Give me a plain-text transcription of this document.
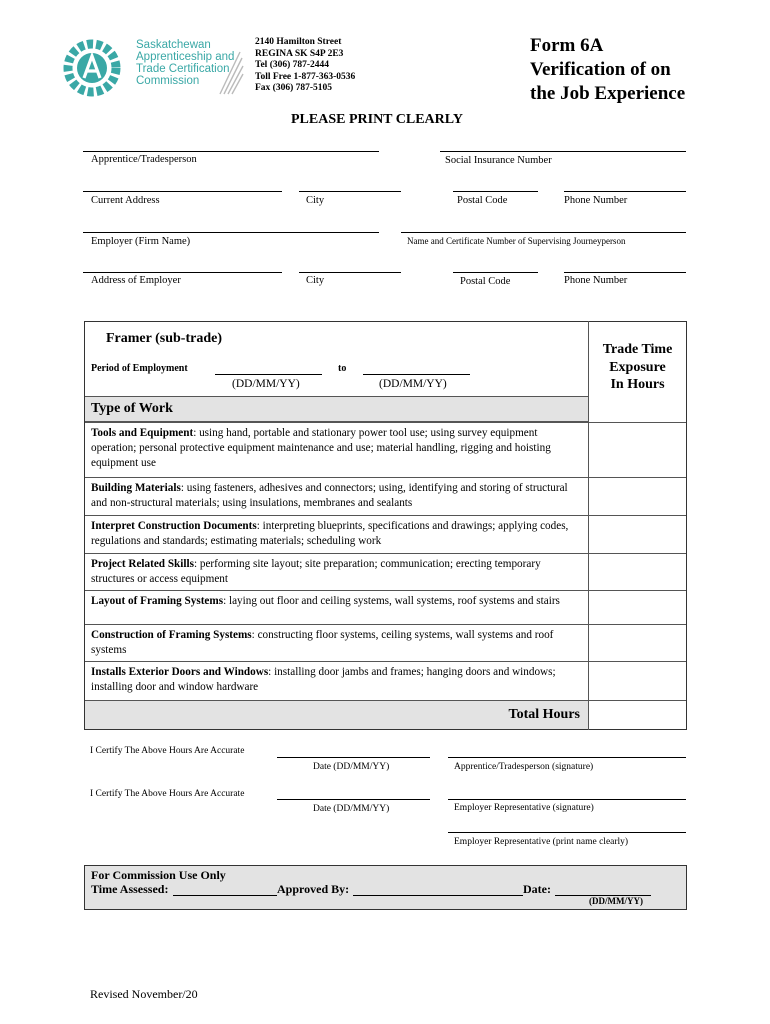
Saskatchewan
Apprenticeship and
Trade Certification
Commission
2140 Hamilton Street
REGINA SK S4P 2E3
Tel (306) 787-2444
Toll Free 1-877-363-0536
Fax (306) 787-5105
Form 6A
Verification of on
the Job Experience
PLEASE PRINT CLEARLY
Apprentice/Tradesperson	Social Insurance Number
Current Address	City	Postal Code	Phone Number
Employer (Firm Name)	Name and Certificate Number of Supervising Journeyperson
Address of Employer	City	Postal Code	Phone Number
Framer (sub-trade)
Period of Employment	to
(DD/MM/YY)	(DD/MM/YY)
Trade Time
Exposure
In Hours
Type of Work
Tools and Equipment: using hand, portable and stationary power tool use; using survey equipment operation; personal protective equipment maintenance and use; material handling, rigging and hoisting equipment use
Building Materials: using fasteners, adhesives and connectors; using, identifying and storing of structural and non-structural materials; using insulations, membranes and sealants
Interpret Construction Documents: interpreting blueprints, specifications and drawings; applying codes, regulations and standards; estimating materials; scheduling work
Project Related Skills: performing site layout; site preparation; communication; erecting temporary structures or access equipment
Layout of Framing Systems: laying out floor and ceiling systems, wall systems, roof systems and stairs
Construction of Framing Systems: constructing floor systems, ceiling systems, wall systems and roof systems
Installs Exterior Doors and Windows: installing door jambs and frames; hanging doors and windows; installing door and window hardware
Total Hours
I Certify The Above Hours Are Accurate
Date (DD/MM/YY)	Apprentice/Tradesperson (signature)
I Certify The Above Hours Are Accurate
Date (DD/MM/YY)	Employer Representative (signature)
Employer Representative (print name clearly)
For Commission Use Only
Time Assessed:	Approved By:	Date:
(DD/MM/YY)
Revised November/20
